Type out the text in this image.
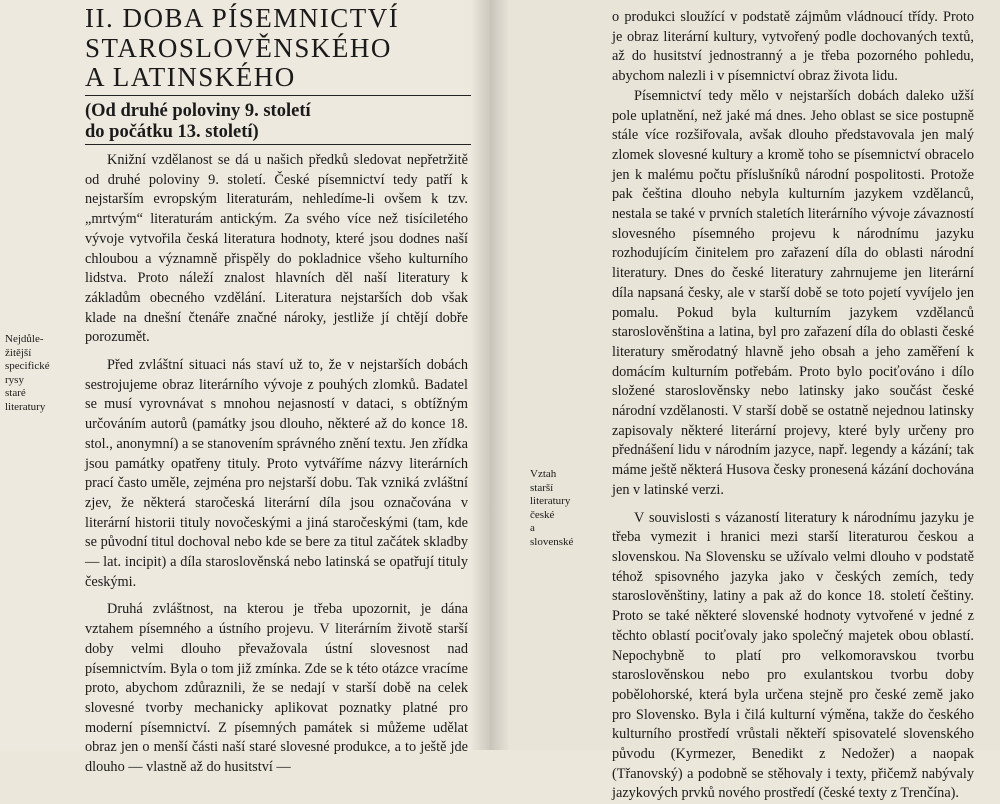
II. DOBA PÍSEMNICTVÍ
STAROSLOVĚNSKÉHO
A LATINSKÉHO
(Od druhé poloviny 9. století
do počátku 13. století)
Nejdůle-
žitější
specifické
rysy
staré
literatury

Knižní vzdělanost se dá u našich předků sledovat nepřetržitě od druhé poloviny 9. století. České písemnictví tedy patří k nejstarším evropským literaturám, nehledíme-li ovšem k tzv. „mrtvým“ literaturám antickým. Za svého více než tisíciletého vývoje vytvořila česká literatura hodnoty, které jsou dodnes naší chloubou a významně přispěly do pokladnice všeho kulturního lidstva. Proto náleží znalost hlavních děl naší literatury k základům obecného vzdělání. Literatura nejstarších dob však klade na dnešní čtenáře značné nároky, jestliže jí chtějí dobře porozumět.

Před zvláštní situaci nás staví už to, že v nejstarších dobách sestrojujeme obraz literárního vývoje z pouhých zlomků. Badatel se musí vyrovnávat s mnohou nejasností v dataci, s obtížným určováním autorů (památky jsou dlouho, některé až do konce 18. stol., anonymní) a se stanovením správného znění textu. Jen zřídka jsou památky opatřeny tituly. Proto vytváříme názvy literárních prací často uměle, zejména pro nejstarší dobu. Tak vzniká zvláštní zjev, že některá staročeská literární díla jsou označována v literární historii tituly novočeskými a jiná staročeskými (tam, kde se původní titul dochoval nebo kde se bere za titul začátek skladby — lat. incipit) a díla staroslověnská nebo latinská se opatřují tituly českými.

Druhá zvláštnost, na kterou je třeba upozornit, je dána vztahem písemného a ústního projevu. V literárním životě starší doby velmi dlouho převažovala ústní slovesnost nad písemnictvím. Byla o tom již zmínka. Zde se k této otázce vracíme proto, abychom zdůraznili, že se nedají v starší době na celek slovesné tvorby mechanicky aplikovat poznatky platné pro moderní písemnictví. Z písemných památek si můžeme udělat obraz jen o menší části naší staré slovesné produkce, a to ještě jde dlouho — vlastně až do husitství —

o produkci sloužící v podstatě zájmům vládnoucí třídy. Proto je obraz literární kultury, vytvořený podle dochovaných textů, až do husitství jednostranný a je třeba pozorného pohledu, abychom nalezli i v písemnictví obraz života lidu.

Písemnictví tedy mělo v nejstarších dobách daleko užší pole uplatnění, než jaké má dnes. Jeho oblast se sice postupně stále více rozšiřovala, avšak dlouho představovala jen malý zlomek slovesné kultury a kromě toho se písemnictví obracelo jen k malému počtu příslušníků národní pospolitosti. Protože pak čeština dlouho nebyla kulturním jazykem vzdělanců, nestala se také v prvních staletích literárního vývoje závazností slovesného písemného projevu k národnímu jazyku rozhodujícím činitelem pro zařazení díla do oblasti národní literatury. Dnes do české literatury zahrnujeme jen literární díla napsaná česky, ale v starší době se toto pojetí vyvíjelo jen pomalu. Pokud byla kulturním jazykem vzdělanců staroslověnština a latina, byl pro zařazení díla do oblasti české literatury směrodatný hlavně jeho obsah a jeho zaměření k domácím kulturním potřebám. Proto bylo pociťováno i dílo složené staroslověnsky nebo latinsky jako součást české národní vzdělanosti. V starší době se ostatně nejednou latinsky zapisovaly některé literární projevy, které byly určeny pro přednášení lidu v národním jazyce, např. legendy a kázání; tak máme ještě některá Husova česky pronesená kázání dochována jen v latinské verzi.

V souvislosti s vázaností literatury k národnímu jazyku je třeba vymezit i hranici mezi starší literaturou českou a slovenskou. Na Slovensku se užívalo velmi dlouho v podstatě téhož spisovného jazyka jako v českých zemích, tedy staroslověnštiny, latiny a pak až do konce 18. století češtiny. Proto se také některé slovenské hodnoty vytvořené v jedné z těchto oblastí pociťovaly jako společný majetek obou oblastí. Nepochybně to platí pro velkomoravskou tvorbu staroslověnskou nebo pro exulantskou tvorbu doby pobělohorské, která byla určena stejně pro české země jako pro Slovensko. Byla i čilá kulturní výměna, takže do českého kulturního prostředí vrůstali někteří spisovatelé slovenského původu (Kyrmezer, Benedikt z Nedožer) a naopak (Třanovský) a podobně se stěhovaly i texty, přičemž nabývaly jazykových prvků nového prostředí (české texty z Trenčína).

Vztah
starší
literatury
české
a
slovenské
